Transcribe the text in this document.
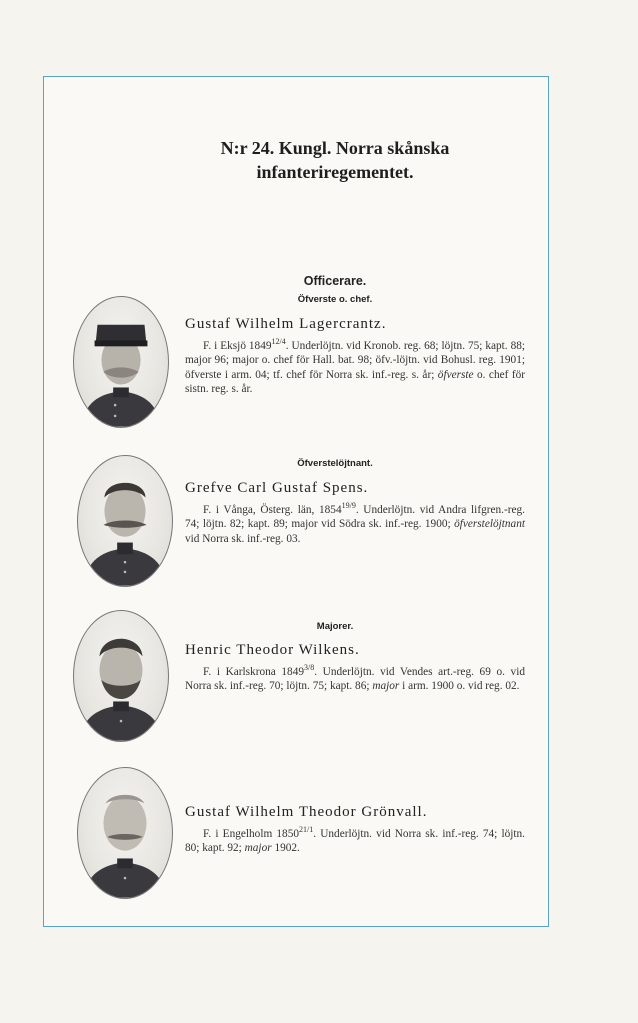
N:r 24. Kungl. Norra skånska
infanteriregementet.
Officerare.
Öfverste o. chef.
Gustaf Wilhelm Lagercrantz.
F. i Eksjö $1849^{12/4}$. Underlöjtn. vid Kronob. reg. 68; löjtn. 75; kapt. 88; major 96; major o. chef för Hall. bat. 98; öfv.-löjtn. vid Bohusl. reg. 1901; öfverste i arm. 04; tf. chef för Norra sk. inf.-reg. s. år; öfverste o. chef för sistn. reg. s. år.
Öfverstelöjtnant.
Grefve Carl Gustaf Spens.
F. i Vånga, Österg. län, $1854^{19/9}$. Underlöjtn. vid Andra lifgren.-reg. 74; löjtn. 82; kapt. 89; major vid Södra sk. inf.-reg. 1900; öfverstelöjtnant vid Norra sk. inf.-reg. 03.
Majorer.
Henric Theodor Wilkens.
F. i Karlskrona $1849^{3/8}$. Underlöjtn. vid Vendes art.-reg. 69 o. vid Norra sk. inf.-reg. 70; löjtn. 75; kapt. 86; major i arm. 1900 o. vid reg. 02.
Gustaf Wilhelm Theodor Grönvall.
F. i Engelholm $1850^{21/1}$. Underlöjtn. vid Norra sk. inf.-reg. 74; löjtn. 80; kapt. 92; major 1902.
